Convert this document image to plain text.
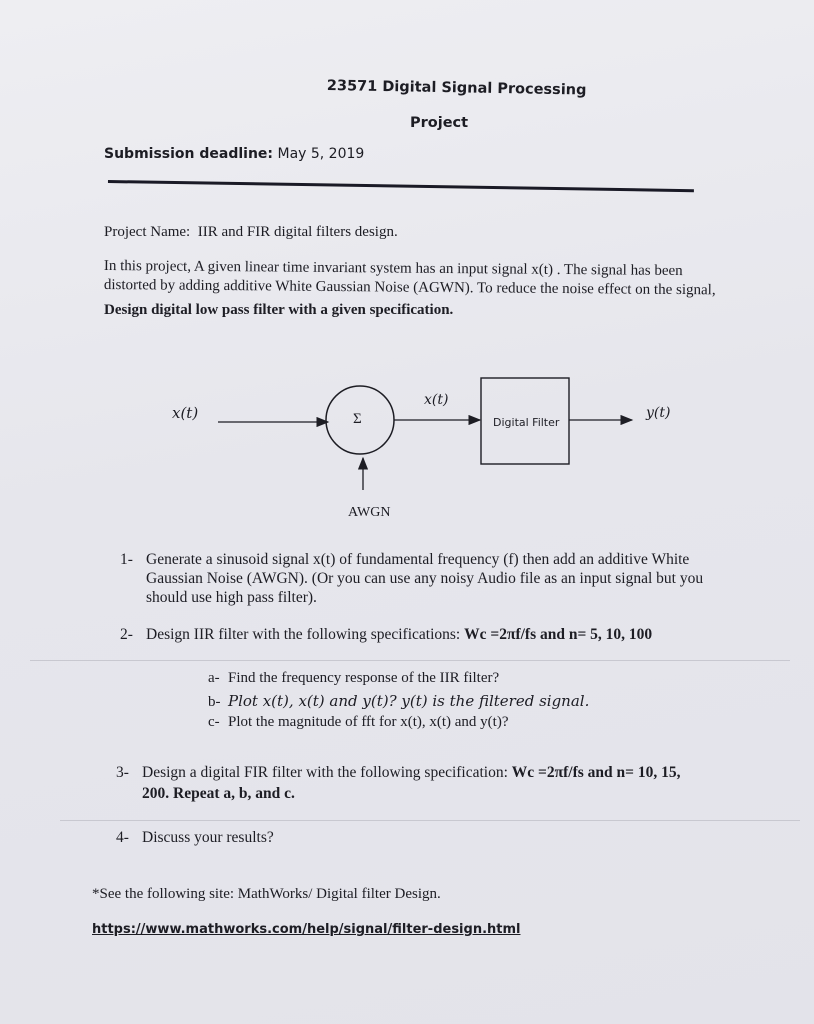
23571 Digital Signal Processing
Project
Submission deadline: May 5, 2019
Project Name: IIR and FIR digital filters design.
In this project, A given linear time invariant system has an input signal x(t) . The signal has been
distorted by adding additive White Gaussian Noise (AGWN). To reduce the noise effect on the signal,
Design digital low pass filter with a given specification.
x(t)	Σ
x(t)
Digital Filter
y(t)
AWGN
1- Generate a sinusoid signal x(t) of fundamental frequency (f) then add an additive White
Gaussian Noise (AWGN). (Or you can use any noisy Audio file as an input signal but you
should use high pass filter).
2- Design IIR filter with the following specifications: Wc =2πf/fs and n= 5, 10, 100
a- Find the frequency response of the IIR filter?
b- Plot x(t), x(t) and y(t)? y(t) is the filtered signal.
c- Plot the magnitude of fft for x(t), x(t) and y(t)?
3- Design a digital FIR filter with the following specification: Wc =2πf/fs and n= 10, 15,
200. Repeat a, b, and c.
4- Discuss your results?
*See the following site: MathWorks/ Digital filter Design.
https://www.mathworks.com/help/signal/filter-design.html
